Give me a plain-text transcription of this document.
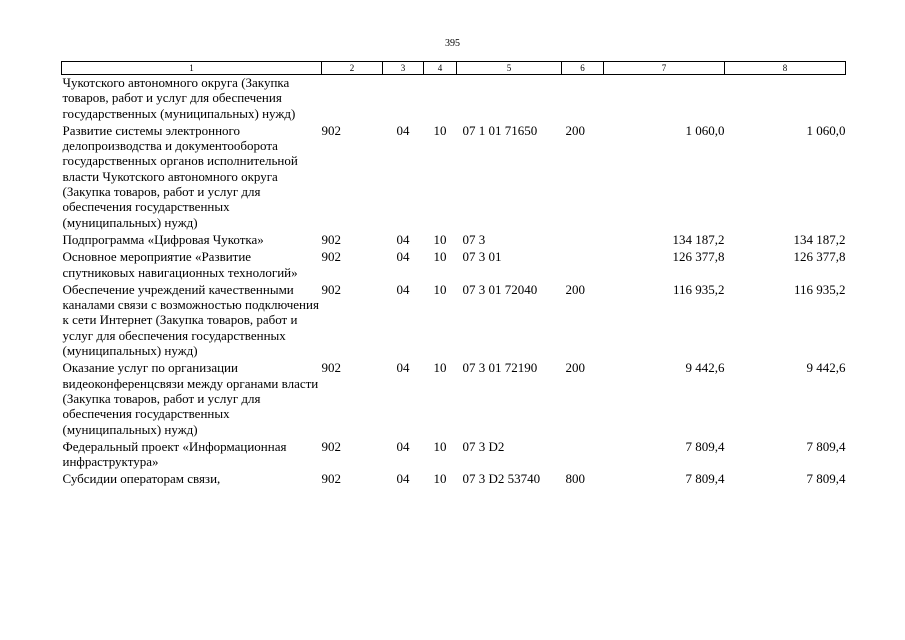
395
1	2	3	4	5	6	7	8
Чукотского автономного округа (Закупка товаров, работ и услуг для обеспечения государственных (муниципальных) нужд)							
Развитие системы электронного делопроизводства и документооборота государственных органов исполнительной власти Чукотского автономного округа (Закупка товаров, работ и услуг для обеспечения государственных (муниципальных) нужд)	902	04	10	07 1 01 71650	200	1 060,0	1 060,0
Подпрограмма «Цифровая Чукотка»	902	04	10	07 3		134 187,2	134 187,2
Основное мероприятие «Развитие спутниковых навигационных технологий»	902	04	10	07 3 01		126 377,8	126 377,8
Обеспечение учреждений качественными каналами связи с возможностью подключения к сети Интернет (Закупка товаров, работ и услуг для обеспечения государственных (муниципальных) нужд)	902	04	10	07 3 01 72040	200	116 935,2	116 935,2
Оказание услуг по организации видеоконференцсвязи между органами власти (Закупка товаров, работ и услуг для обеспечения государственных (муниципальных) нужд)	902	04	10	07 3 01 72190	200	9 442,6	9 442,6
Федеральный проект «Информационная инфраструктура»	902	04	10	07 3 D2		7 809,4	7 809,4
Субсидии операторам связи,	902	04	10	07 3 D2 53740	800	7 809,4	7 809,4
